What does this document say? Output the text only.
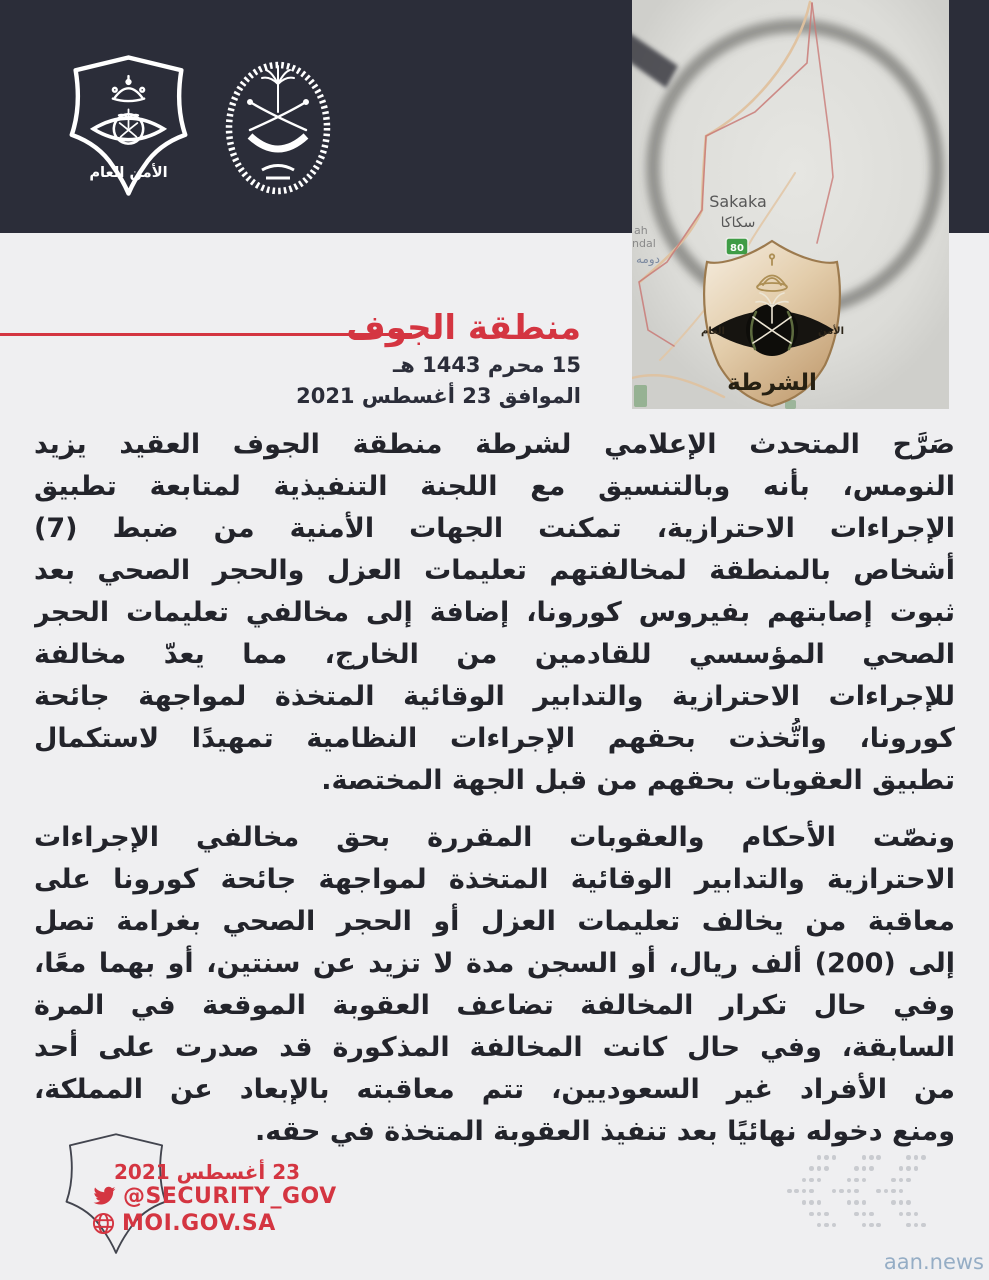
الأمن العام
80
Sakaka
سكاكا
ah
ndal
دومه
الأمن
العام
الشرطة
منطقة الجوف
15 محرم 1443 هـ
الموافق 23 أغسطس 2021
صَرَّح المتحدث الإعلامي لشرطة منطقة الجوف العقيد يزيد
النومس، بأنه وبالتنسيق مع اللجنة التنفيذية لمتابعة تطبيق
الإجراءات الاحترازية، تمكنت الجهات الأمنية من ضبط (7)
أشخاص بالمنطقة لمخالفتهم تعليمات العزل والحجر الصحي بعد
ثبوت إصابتهم بفيروس كورونا، إضافة إلى مخالفي تعليمات الحجر
الصحي المؤسسي للقادمين من الخارج، مما يعدّ مخالفة
للإجراءات الاحترازية والتدابير الوقائية المتخذة لمواجهة جائحة
كورونا، واتُّخذت بحقهم الإجراءات النظامية تمهيدًا لاستكمال
تطبيق العقوبات بحقهم من قبل الجهة المختصة.
ونصّت الأحكام والعقوبات المقررة بحق مخالفي الإجراءات
الاحترازية والتدابير الوقائية المتخذة لمواجهة جائحة كورونا على
معاقبة من يخالف تعليمات العزل أو الحجر الصحي بغرامة تصل
إلى (200) ألف ريال، أو السجن مدة لا تزيد عن سنتين، أو بهما معًا،
وفي حال تكرار المخالفة تضاعف العقوبة الموقعة في المرة
السابقة، وفي حال كانت المخالفة المذكورة قد صدرت على أحد
من الأفراد غير السعوديين، تتم معاقبته بالإبعاد عن المملكة،
ومنع دخوله نهائيًا بعد تنفيذ العقوبة المتخذة في حقه.
23 أغسطس 2021
@SECURITY_GOV
MOI.GOV.SA
aan.news
